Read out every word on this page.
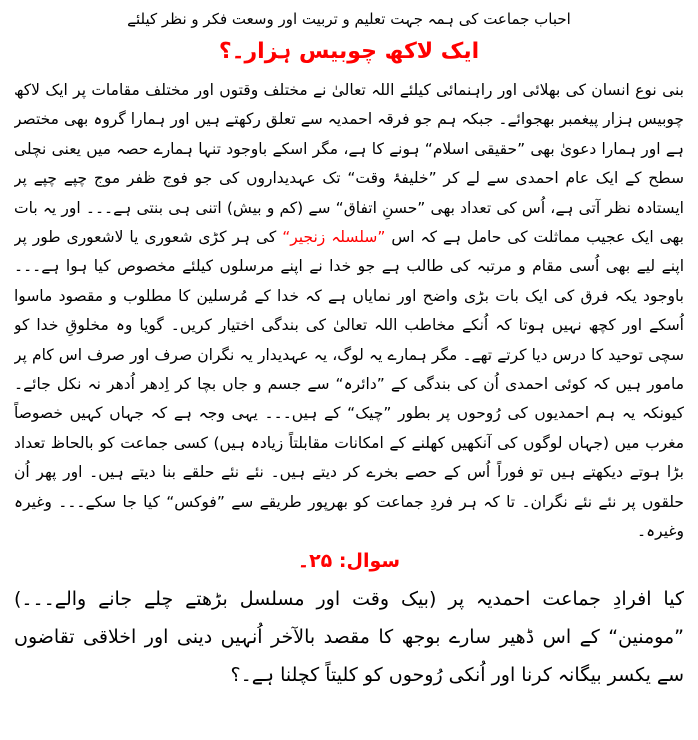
احباب جماعت کی ہمہ جہت تعلیم و تربیت اور وسعت فکر و نظر کیلئے
ایک لاکھ چوبیس ہزار۔؟
بنی نوع انسان کی بھلائی اور راہنمائی کیلئے اللہ تعالیٰ نے مختلف وقتوں اور مختلف مقامات پر ایک لاکھ چوبیس ہزار پیغمبر بھجوائے۔ جبکہ ہم جو فرقہ احمدیہ سے تعلق رکھتے ہیں اور ہمارا گروہ بھی مختصر ہے اور ہمارا دعویٰ بھی ”حقیقی اسلام“ ہونے کا ہے، مگر اسکے باوجود تنہا ہمارے حصہ میں یعنی نچلی سطح کے ایک عام احمدی سے لے کر ”خلیفۂ وقت“ تک عہدیداروں کی جو فوج ظفر موج چپے چپے پر ایستادہ نظر آتی ہے، اُس کی تعداد بھی ”حسنِ اتفاق“ سے (کم و بیش) اتنی ہی بنتی ہے۔۔۔ اور یہ بات بھی ایک عجیب مماثلت کی حامل ہے کہ اس ”سلسلہ زنجیر“ کی ہر کڑی شعوری یا لاشعوری طور پر اپنے لیے بھی اُسی مقام و مرتبہ کی طالب ہے جو خدا نے اپنے مرسلوں کیلئے مخصوص کیا ہوا ہے۔۔۔ باوجود یکہ فرق کی ایک بات بڑی واضح اور نمایاں ہے کہ خدا کے مُرسلین کا مطلوب و مقصود ماسوا اُسکے اور کچھ نہیں ہوتا کہ اُنکے مخاطب اللہ تعالیٰ کی بندگی اختیار کریں۔ گویا وہ مخلوقِ خدا کو سچی توحید کا درس دیا کرتے تھے۔ مگر ہمارے یہ لوگ، یہ عہدیدار یہ نگران صرف اور صرف اس کام پر مامور ہیں کہ کوئی احمدی اُن کی بندگی کے ”دائرہ“ سے جسم و جاں بچا کر اِدھر اُدھر نہ نکل جائے۔ کیونکہ یہ ہم احمدیوں کی رُوحوں پر بطور ”چیک“ کے ہیں۔۔۔ یہی وجہ ہے کہ جہاں کہیں خصوصاً مغرب میں (جہاں لوگوں کی آنکھیں کھلنے کے امکانات مقابلتاً زیادہ ہیں) کسی جماعت کو بالحاظ تعداد بڑا ہوتے دیکھتے ہیں تو فوراً اُس کے حصے بخرے کر دیتے ہیں۔ نئے نئے حلقے بنا دیتے ہیں۔ اور پھر اُن حلقوں پر نئے نئے نگران۔ تا کہ ہر فردِ جماعت کو بھرپور طریقے سے ”فوکس“ کیا جا سکے۔۔۔ وغیرہ وغیرہ۔
سوال: ۲۵۔
کیا افرادِ جماعت احمدیہ پر (بیک وقت اور مسلسل بڑھتے چلے جانے والے۔۔۔) ”مومنین“ کے اس ڈھیر سارے بوجھ کا مقصد بالآخر اُنہیں دینی اور اخلاقی تقاضوں سے یکسر بیگانہ کرنا اور اُنکی رُوحوں کو کلیتاً کچلنا ہے۔؟
